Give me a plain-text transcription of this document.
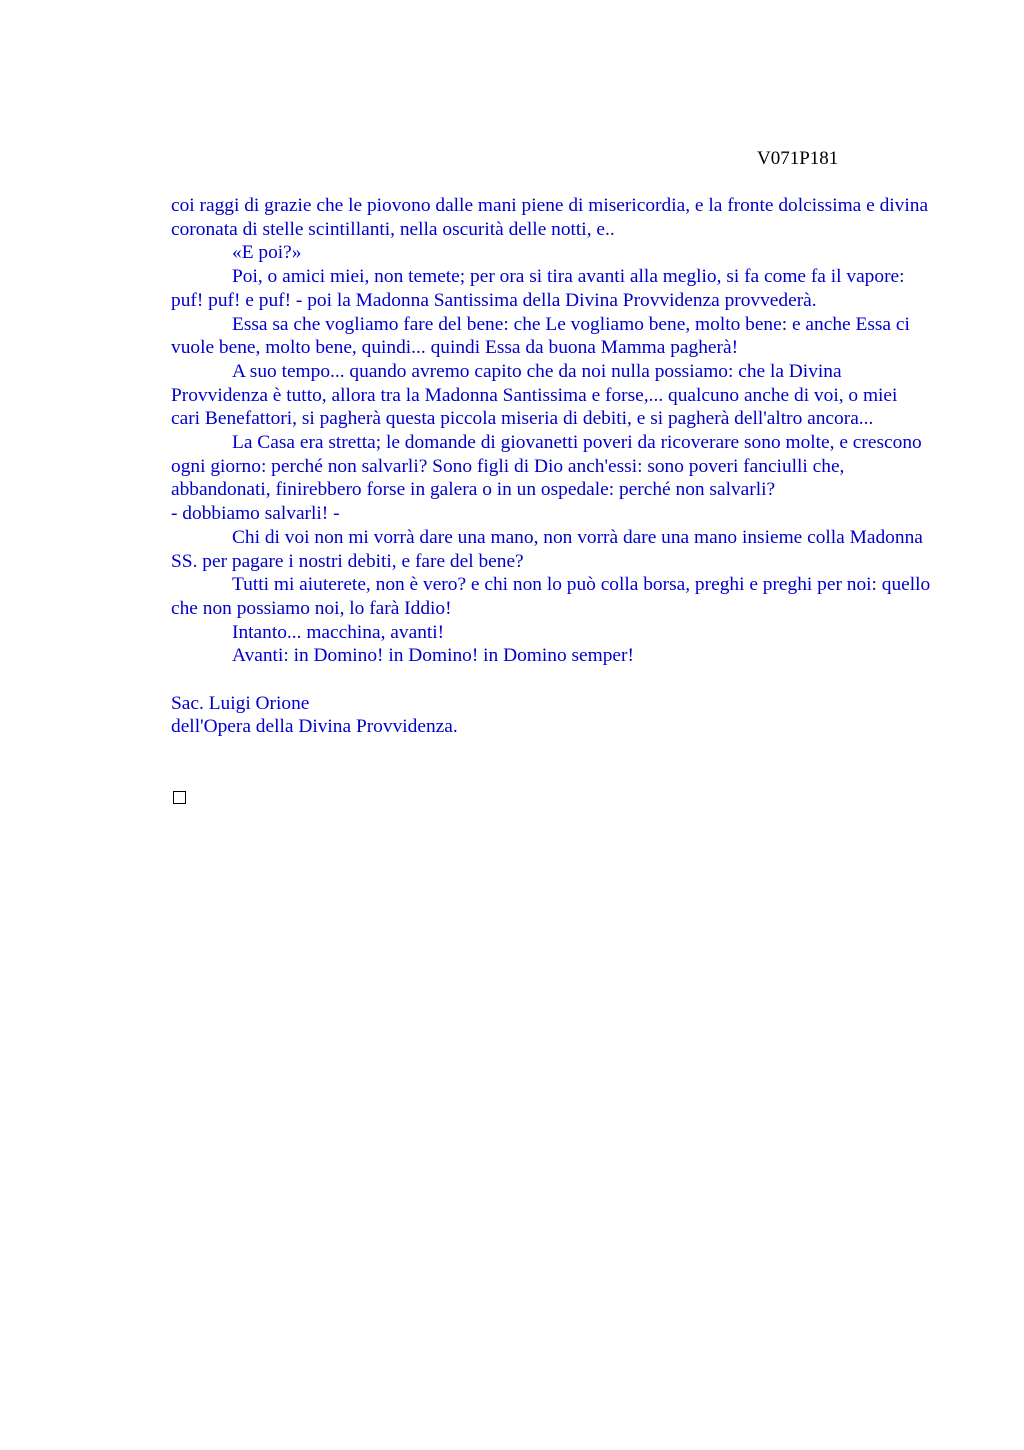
V071P181

coi raggi di grazie che le piovono dalle mani piene di misericordia, e la fronte dolcissima e divina coronata di stelle scintillanti, nella oscurità delle notti, e..

«E poi?»

Poi, o amici miei, non temete; per ora si tira avanti alla meglio, si fa come fa il vapore: puf! puf! e puf! - poi la Madonna Santissima della Divina Provvidenza provvederà.

Essa sa che vogliamo fare del bene: che Le vogliamo bene, molto bene: e anche Essa ci vuole bene, molto bene, quindi... quindi Essa da buona Mamma pagherà!

A suo tempo... quando avremo capito che da noi nulla possiamo: che la Divina Provvidenza è tutto, allora tra la Madonna Santissima e forse,... qualcuno anche di voi, o miei cari Benefattori, si pagherà questa piccola miseria di debiti, e si pagherà dell'altro ancora...

La Casa era stretta; le domande di giovanetti poveri da ricoverare sono molte, e crescono ogni giorno: perché non salvarli? Sono figli di Dio anch'essi: sono poveri fanciulli che, abbandonati, finirebbero forse in galera o in un ospedale: perché non salvarli?

- dobbiamo salvarli! -

Chi di voi non mi vorrà dare una mano, non vorrà dare una mano insieme colla Madonna SS. per pagare i nostri debiti, e fare del bene?

Tutti mi aiuterete, non è vero? e chi non lo può colla borsa, preghi e preghi per noi: quello che non possiamo noi, lo farà Iddio!

Intanto... macchina, avanti!

Avanti: in Domino! in Domino! in Domino semper!

Sac. Luigi Orione

dell'Opera della Divina Provvidenza.
